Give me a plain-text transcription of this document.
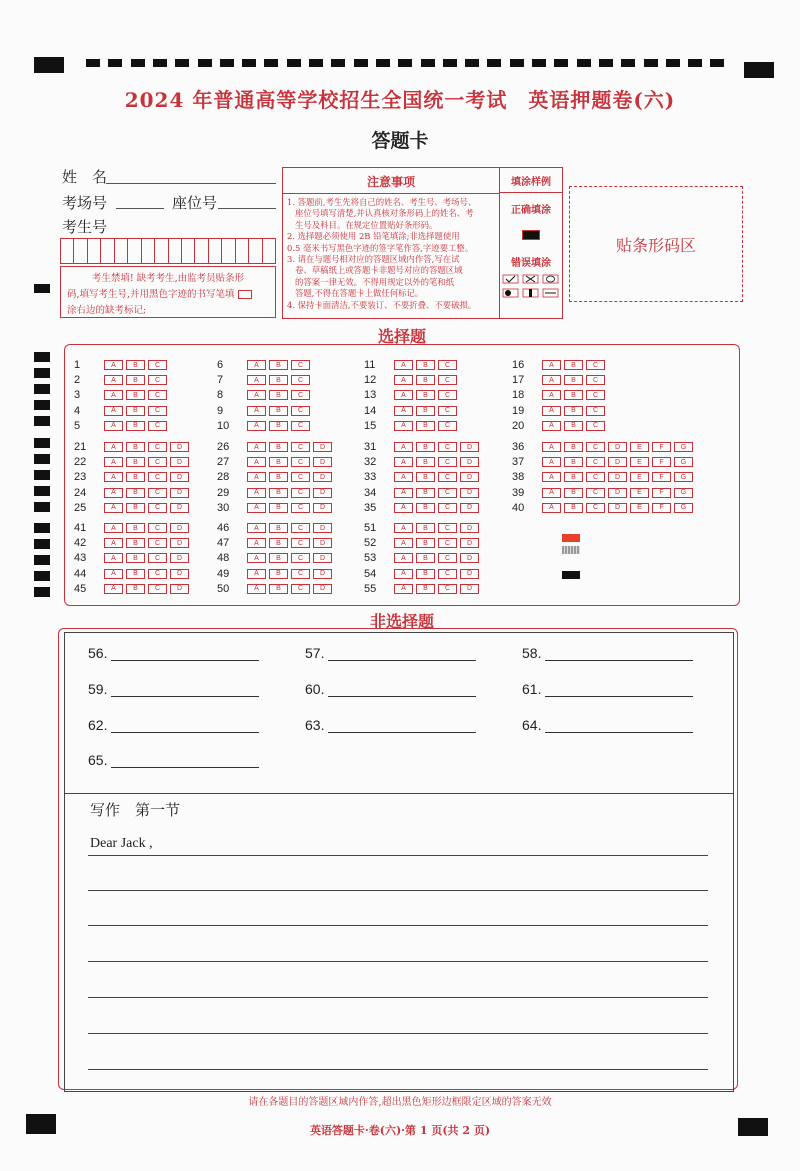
2024 年普通高等学校招生全国统一考试　英语押题卷(六)
答题卡
姓　名
考场号	座位号
考生号
考生禁填! 缺考考生,由监考员贴条形
码,填写考生号,并用黑色字迹的书写笔填
涂右边的缺考标记;
注意事项
1. 答题前,考生先将自己的姓名、考生号、考场号、
座位号填写清楚,并认真核对条形码上的姓名、考
生号及科目。在规定位置贴好条形码。
2. 选择题必须使用 2B 铅笔填涂;非选择题使用
0.5 毫米书写黑色字迹的签字笔作答,字迹要工整。
3. 请在与题号相对应的答题区域内作答,写在试
卷、草稿纸上或答题卡非题号对应的答题区域
的答案一律无效。不得用规定以外的笔和纸
答题,不得在答题卡上做任何标记。
4. 保持卡面清洁,不要装订、不要折叠、不要破损。
填涂样例
正确填涂
错误填涂
贴条形码区
选择题
1	A	B	C
2	A	B	C
3	A	B	C
4	A	B	C
5	A	B	C
6	A	B	C
7	A	B	C
8	A	B	C
9	A	B	C
10	A	B	C
11	A	B	C
12	A	B	C
13	A	B	C
14	A	B	C
15	A	B	C
16	A	B	C
17	A	B	C
18	A	B	C
19	A	B	C
20	A	B	C
21	A	B	C	D
22	A	B	C	D
23	A	B	C	D
24	A	B	C	D
25	A	B	C	D
26	A	B	C	D
27	A	B	C	D
28	A	B	C	D
29	A	B	C	D
30	A	B	C	D
31	A	B	C	D
32	A	B	C	D
33	A	B	C	D
34	A	B	C	D
35	A	B	C	D
36	A	B	C	D	E	F	G
37	A	B	C	D	E	F	G
38	A	B	C	D	E	F	G
39	A	B	C	D	E	F	G
40	A	B	C	D	E	F	G
41	A	B	C	D
42	A	B	C	D
43	A	B	C	D
44	A	B	C	D
45	A	B	C	D
46	A	B	C	D
47	A	B	C	D
48	A	B	C	D
49	A	B	C	D
50	A	B	C	D
51	A	B	C	D
52	A	B	C	D
53	A	B	C	D
54	A	B	C	D
55	A	B	C	D
非选择题
56.	57.	58.
59.	60.	61.
62.	63.	64.
65.
写作　第一节
Dear Jack ,
请在各题目的答题区域内作答,超出黑色矩形边框限定区域的答案无效
英语答题卡·卷(六)·第 1 页(共 2 页)
